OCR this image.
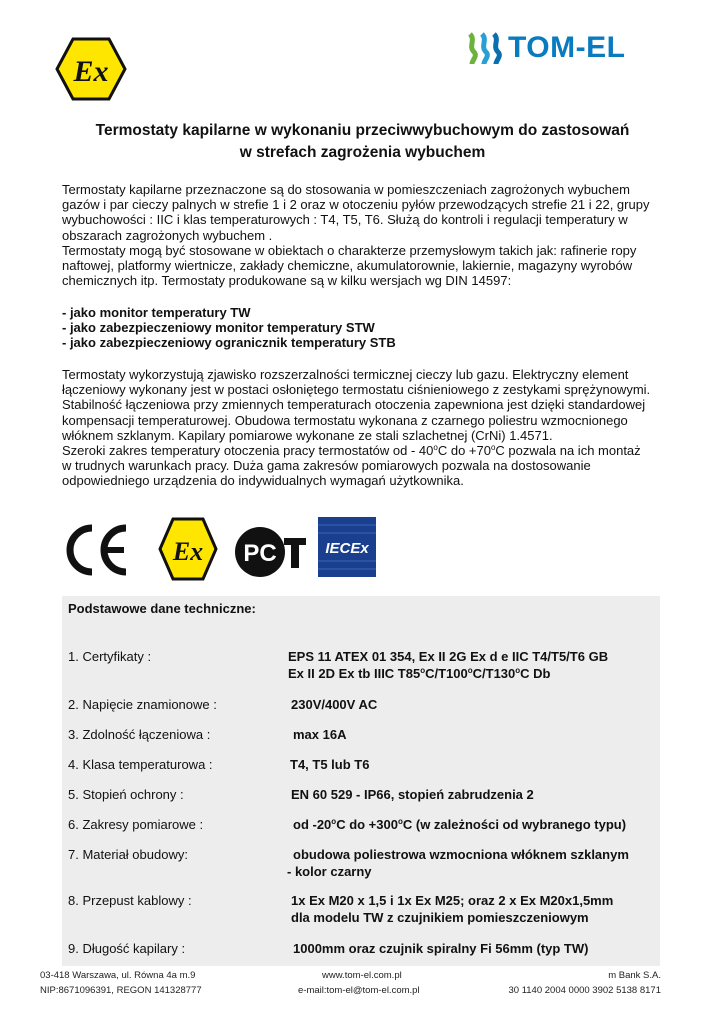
Ex
TOM-EL
Termostaty kapilarne w wykonaniu przeciwwybuchowym do zastosowań
w strefach zagrożenia wybuchem
Termostaty kapilarne przeznaczone są do stosowania w pomieszczeniach zagrożonych wybuchem
gazów i par cieczy palnych w strefie 1 i 2 oraz w otoczeniu pyłów przewodzących strefie 21 i 22, grupy
wybuchowości : IIC i klas temperaturowych : T4, T5, T6. Służą do kontroli i regulacji temperatury w
obszarach zagrożonych wybuchem .
Termostaty mogą być stosowane w obiektach o charakterze przemysłowym takich jak: rafinerie ropy
naftowej, platformy wiertnicze, zakłady chemiczne, akumulatorownie, lakiernie, magazyny wyrobów
chemicznych itp. Termostaty produkowane są w kilku wersjach wg DIN 14597:
- jako monitor temperatury TW
- jako zabezpieczeniowy monitor temperatury STW
- jako zabezpieczeniowy ogranicznik temperatury STB
Termostaty wykorzystują zjawisko rozszerzalności termicznej cieczy lub gazu. Elektryczny element
łączeniowy wykonany jest w postaci osłoniętego termostatu ciśnieniowego z zestykami sprężynowymi.
Stabilność łączeniowa przy zmiennych temperaturach otoczenia zapewniona jest dzięki standardowej
kompensacji temperaturowej. Obudowa termostatu wykonana z czarnego poliestru wzmocnionego
włóknem szklanym. Kapilary pomiarowe wykonane ze stali szlachetnej (CrNi) 1.4571.
Szeroki zakres temperatury otoczenia pracy termostatów od - 40$^o$C do $+70^oC$ pozwala na ich montaż
w trudnych warunkach pracy. Duża gama zakresów pomiarowych pozwala na dostosowanie
odpowiedniego urządzenia do indywidualnych wymagań użytkownika.
Ex PC	IECEx
Podstawowe dane techniczne:
1. Certyfikaty :	EPS 11 ATEX 01 354, Ex II 2G Ex d e IIC T4/T5/T6 GB
Ex II 2D Ex tb IIIC T85$^o$C/T100$^o$C/T130$^o$C Db
2. Napięcie znamionowe :	230V/400V AC
3. Zdolność łączeniowa :	max 16A
4. Klasa temperaturowa :	T4, T5 lub T6
5. Stopień ochrony :	EN 60 529 - IP66, stopień zabrudzenia 2
6. Zakresy pomiarowe :	od -20$^o$C do $+300^oC$ (w zależności od wybranego typu)
7. Materiał obudowy:	obudowa poliestrowa wzmocniona włóknem szklanym
- kolor czarny
8. Przepust kablowy :	1x Ex M20 x 1,5 i 1x Ex M25; oraz 2 x Ex M20x1,5mm
dla modelu TW z czujnikiem pomieszczeniowym
9. Długość kapilary :	1000mm oraz czujnik spiralny Fi 56mm (typ TW)
03-418 Warszawa, ul. Równa 4a m.9
NIP:8671096391, REGON 141328777
www.tom-el.com.pl
e-mail:tom-el@tom-el.com.pl
m Bank S.A.
30 1140 2004 0000 3902 5138 8171
